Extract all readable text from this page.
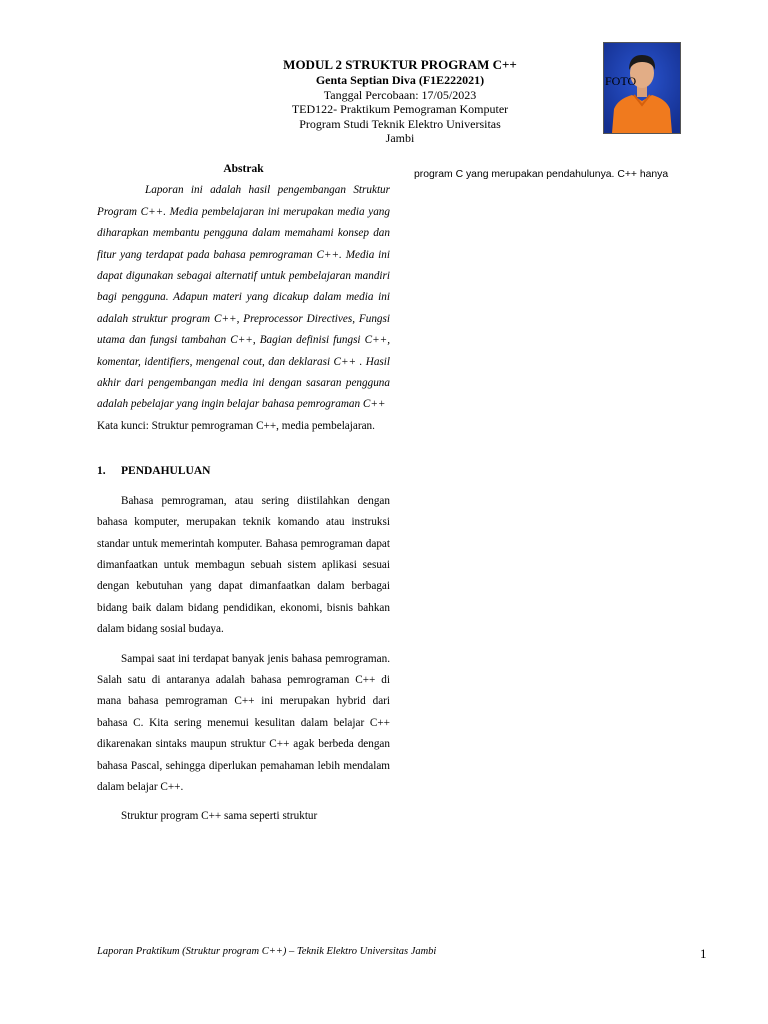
MODUL 2 STRUKTUR PROGRAM C++
Genta Septian Diva (F1E222021)
Tanggal Percobaan: 17/05/2023
TED122- Praktikum Pemograman Komputer
Program Studi Teknik Elektro Universitas
Jambi
FOTO
Abstrak

Laporan ini adalah hasil pengembangan Struktur Program C++. Media pembelajaran ini merupakan media yang diharapkan membantu pengguna dalam memahami konsep dan fitur yang terdapat pada bahasa pemrograman C++. Media ini dapat digunakan sebagai alternatif untuk pembelajaran mandiri bagi pengguna. Adapun materi yang dicakup dalam media ini adalah struktur program C++, Preprocessor Directives, Fungsi utama dan fungsi tambahan C++, Bagian definisi fungsi C++, komentar, identifiers, mengenal cout, dan deklarasi C++ . Hasil akhir dari pengembangan media ini dengan sasaran pengguna adalah pebelajar yang ingin belajar bahasa pemrograman C++

Kata kunci: Struktur pemrograman C++, media pembelajaran.

1.	PENDAHULUAN

Bahasa pemrograman, atau sering diistilahkan dengan bahasa komputer, merupakan teknik komando atau instruksi standar untuk memerintah komputer. Bahasa pemrograman dapat dimanfaatkan untuk membagun sebuah sistem aplikasi sesuai dengan kebutuhan yang dapat dimanfaatkan dalam berbagai bidang baik dalam bidang pendidikan, ekonomi, bisnis bahkan dalam bidang sosial budaya.

Sampai saat ini terdapat banyak jenis bahasa pemrograman. Salah satu di antaranya adalah bahasa pemrograman C++ di mana bahasa pemrograman C++ ini merupakan hybrid dari bahasa C. Kita sering menemui kesulitan dalam belajar C++ dikarenakan sintaks maupun struktur C++ agak berbeda dengan bahasa Pascal, sehingga diperlukan pemahaman lebih mendalam dalam belajar C++.

Struktur program C++ sama seperti struktur

program C yang merupakan pendahulunya. C++ hanya
Laporan Praktikum (Struktur program C++) – Teknik Elektro Universitas Jambi	1
